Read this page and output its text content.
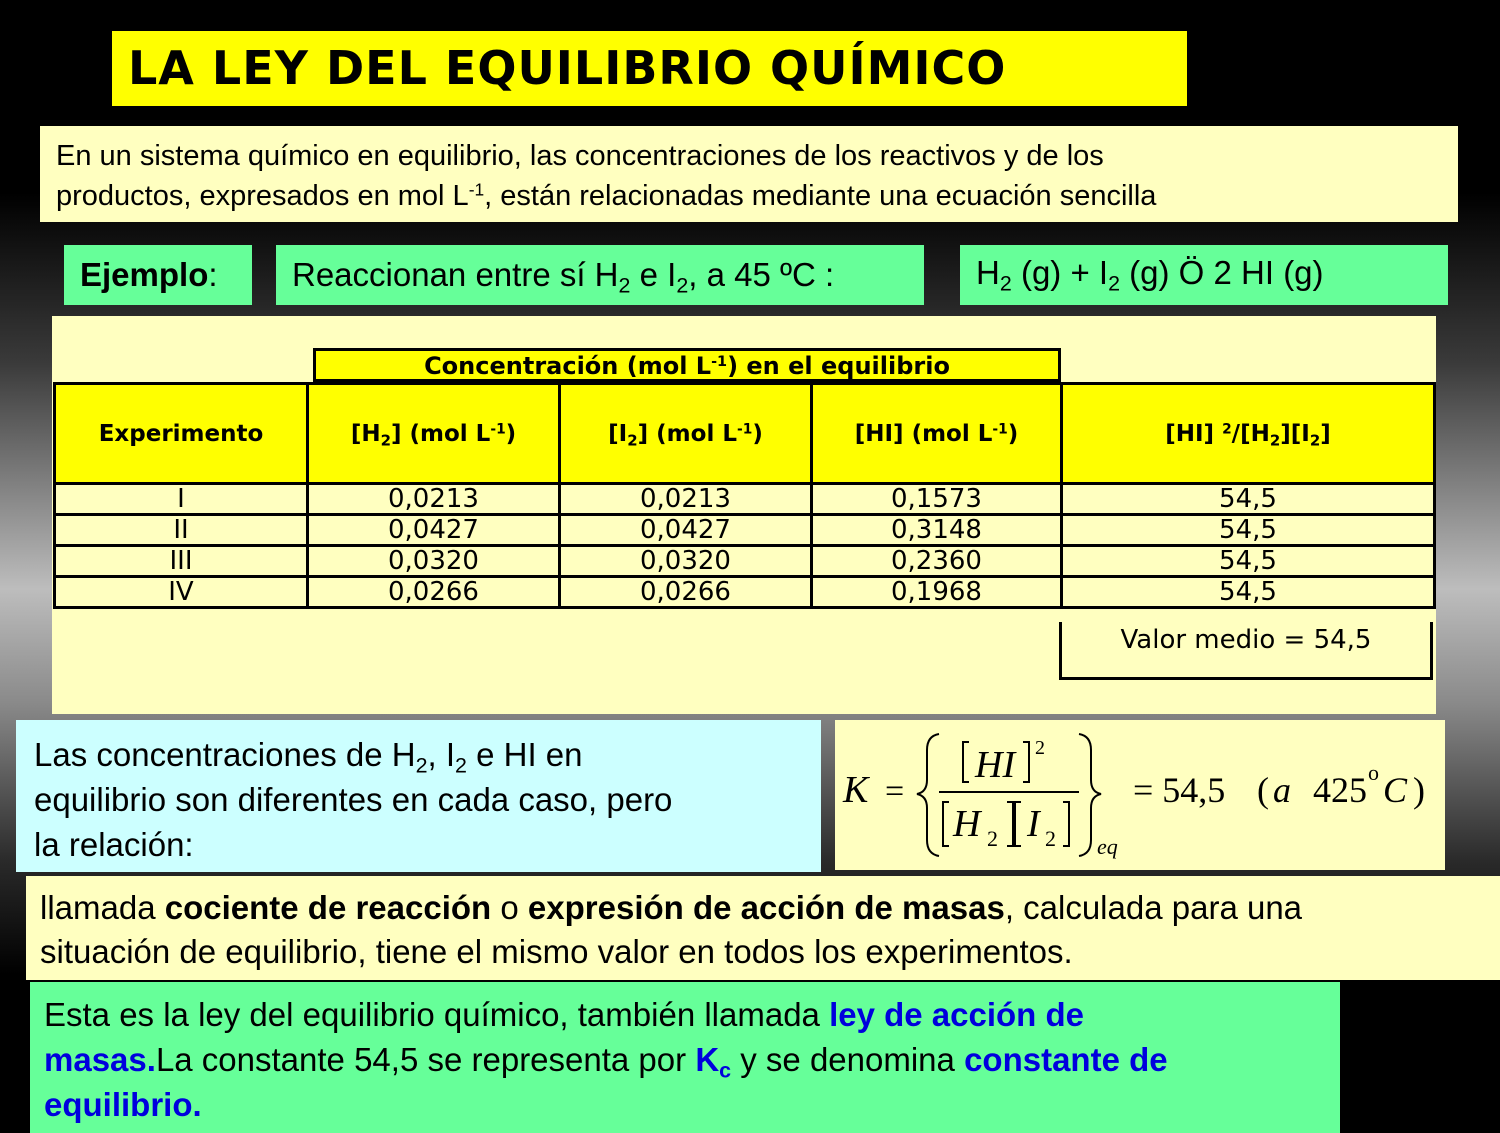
LA LEY DEL EQUILIBRIO QUÍMICO
En un sistema químico en equilibrio, las concentraciones de los reactivos y de los
productos, expresados en mol $L^{-1}$, están relacionadas mediante una ecuación sencilla
Ejemplo:	Reaccionan entre sí $H_2$ e $I_2$, a 45 ºC :	$H_2$ $(g) + I_2$ (g) Ö 2 HI (g)
Concentración (mol $L^{-1}$) en el equilibrio
Experimento	$[H_2]$ (mol $L^{-1}$)	$[I_2]$ (mol $L^{-1}$)	[HI] (mol $L^{-1}$)	[HI] $^2/[H_2][I_2]$
I	0,0213	0,0213	0,1573	54,5
II	0,0427	0,0427	0,3148	54,5
III	0,0320	0,0320	0,2360	54,5
IV	0,0266	0,0266	0,1968	54,5
Valor medio = 54,5
Las concentraciones de $H_2$, $I_2$ e HI en
equilibrio son diferentes en cada caso, pero
la relación:
K =
HI 2
H 2 I 2 eq
= 54,5 ( a 425 o C )
llamada cociente de reacción o expresión de acción de masas, calculada para una
situación de equilibrio, tiene el mismo valor en todos los experimentos.
Esta es la ley del equilibrio químico, también llamada ley de acción de
masas.La constante 54,5 se representa por $K_c$ y se denomina constante de
equilibrio.
